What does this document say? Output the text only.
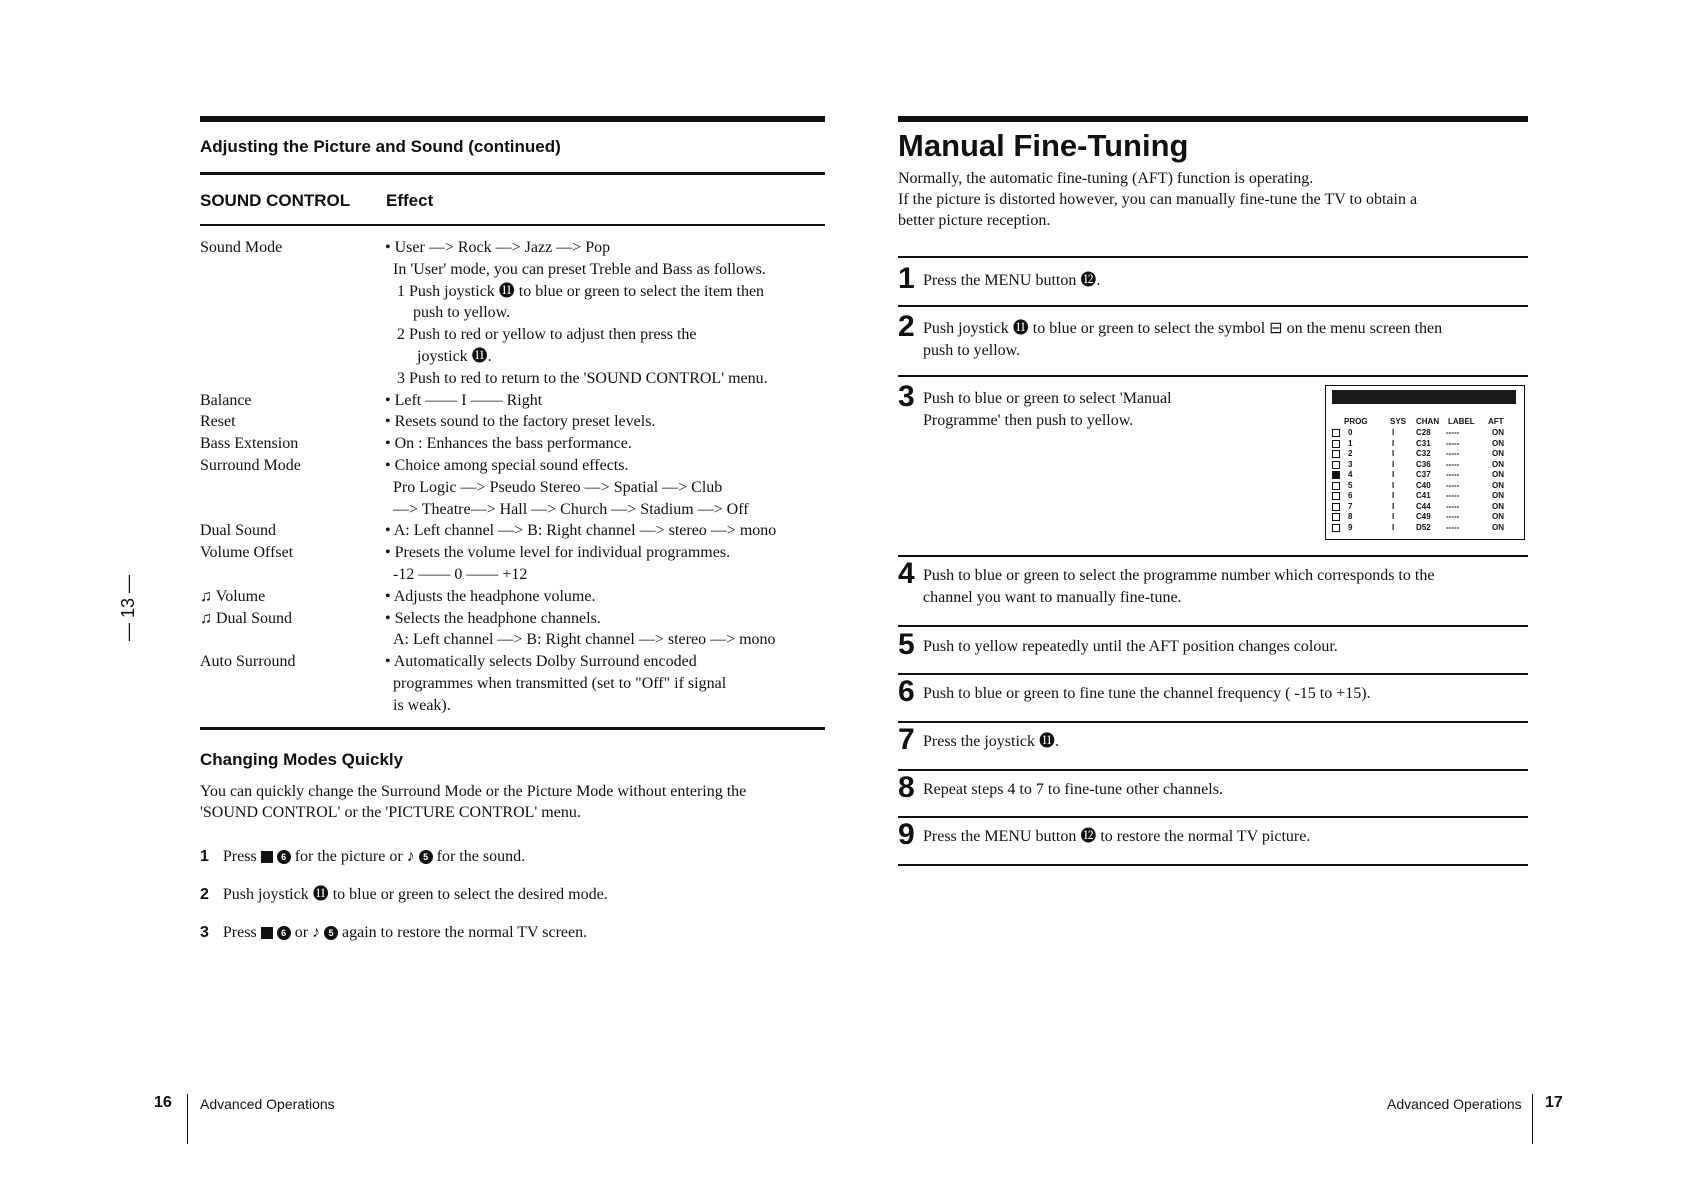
Adjusting the Picture and Sound (continued)
SOUND CONTROL Effect
Sound Mode	• User —> Rock —> Jazz —> Pop
In 'User' mode, you can preset Treble and Bass as follows.
1 Push joystick ⓫ to blue or green to select the item then
push to yellow.
2 Push to red or yellow to adjust then press the
joystick ⓫.
3 Push to red to return to the 'SOUND CONTROL' menu.
Balance	• Left —— I —— Right
Reset	• Resets sound to the factory preset levels.
Bass Extension	• On : Enhances the bass performance.
Surround Mode	• Choice among special sound effects.
Pro Logic —> Pseudo Stereo —> Spatial —> Club
—> Theatre—> Hall —> Church —> Stadium —> Off
Dual Sound	• A: Left channel —> B: Right channel —> stereo —> mono
Volume Offset	• Presets the volume level for individual programmes.
-12 —— 0 —— +12
♫ Volume	• Adjusts the headphone volume.
♫ Dual Sound	• Selects the headphone channels.
A: Left channel —> B: Right channel —> stereo —> mono
Auto Surround	• Automatically selects Dolby Surround encoded
programmes when transmitted (set to "Off" if signal
is weak).
Changing Modes Quickly
You can quickly change the Surround Mode or the Picture Mode without entering the
'SOUND CONTROL' or the 'PICTURE CONTROL' menu.
1 Press	6 for the picture or ♪ 5 for the sound.
2 Push joystick ⓫ to blue or green to select the desired mode.
3 Press	6 or ♪ 5 again to restore the normal TV screen.
— 13 —
16 Advanced Operations
Manual Fine-Tuning
Normally, the automatic fine-tuning (AFT) function is operating.
If the picture is distorted however, you can manually fine-tune the TV to obtain a
better picture reception.
1 Press the MENU button ⓬.
2 Push joystick ⓫ to blue or green to select the symbol ⊟ on the menu screen then
push to yellow.
3 Push to blue or green to select 'Manual
Programme' then push to yellow.
4 Push to blue or green to select the programme number which corresponds to the
channel you want to manually fine-tune.
5 Push to yellow repeatedly until the AFT position changes colour.
6 Push to blue or green to fine tune the channel frequency ( -15 to +15).
7 Press the joystick ⓫.
8 Repeat steps 4 to 7 to fine-tune other channels.
9 Press the MENU button ⓬ to restore the normal TV picture.
PROG	SYS CHAN LABEL AFT
0	I	C28 -----	ON
1	I	C31 -----	ON
2	I	C32 -----	ON
3	I	C36 -----	ON
4	I	C37 -----	ON
5	I	C40 -----	ON
6	I	C41 -----	ON
7	I	C44 -----	ON
8	I	C49 -----	ON
9	I	D52 -----	ON
Advanced Operations 17
